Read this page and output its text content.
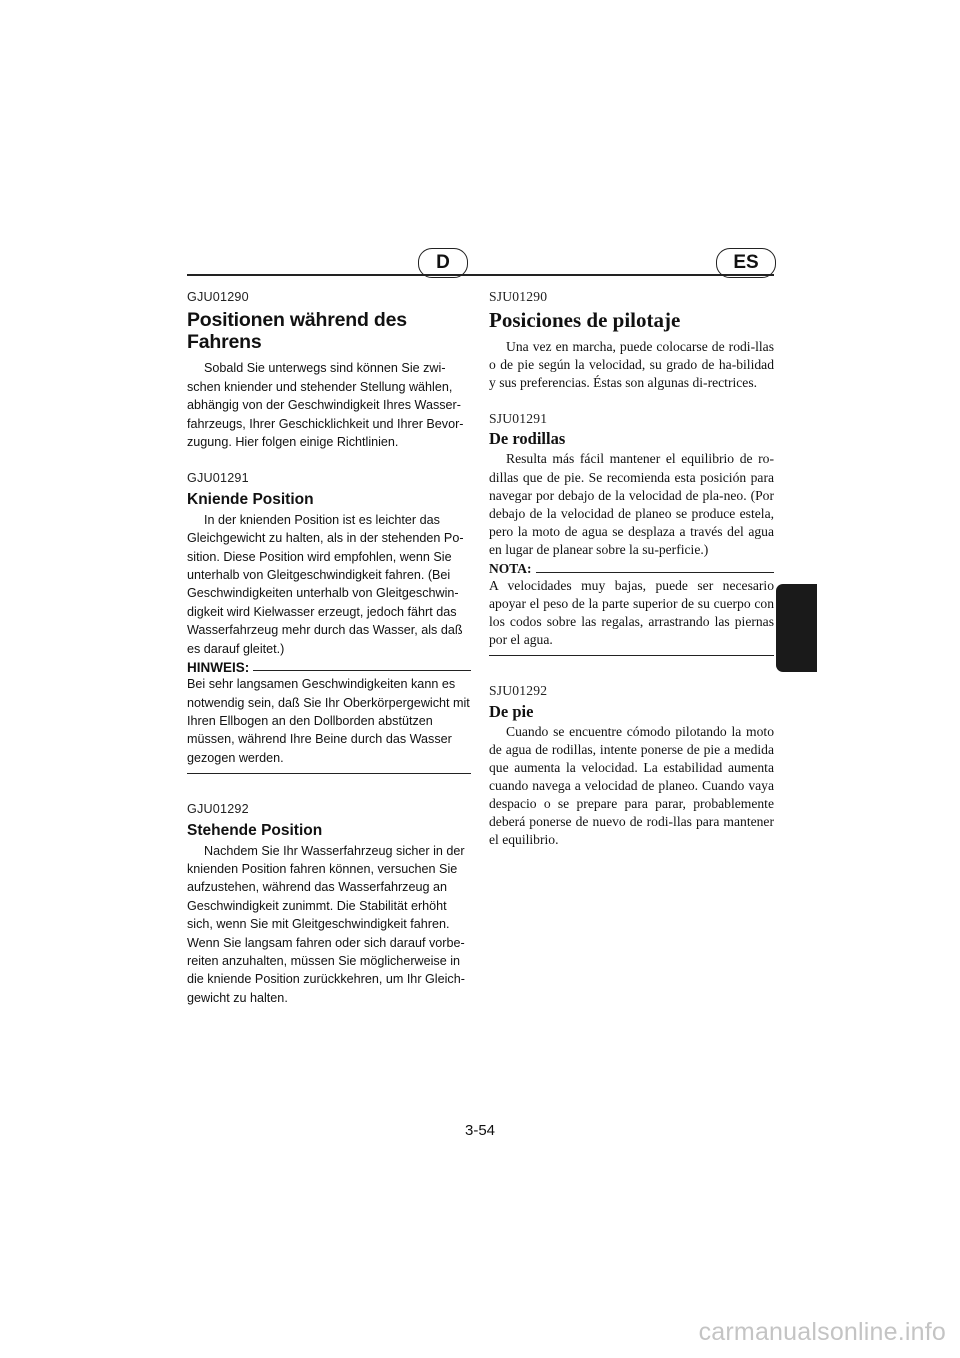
D	ES

GJU01290

Positionen während des Fahrens

Sobald Sie unterwegs sind können Sie zwi-schen kniender und stehender Stellung wählen, abhängig von der Geschwindigkeit Ihres Wasser-fahrzeugs, Ihrer Geschicklichkeit und Ihrer Bevor-zugung. Hier folgen einige Richtlinien.

GJU01291

Kniende Position

In der knienden Position ist es leichter das Gleichgewicht zu halten, als in der stehenden Po-sition. Diese Position wird empfohlen, wenn Sie unterhalb von Gleitgeschwindigkeit fahren. (Bei Geschwindigkeiten unterhalb von Gleitgeschwin-digkeit wird Kielwasser erzeugt, jedoch fährt das Wasserfahrzeug mehr durch das Wasser, als daß es darauf gleitet.)

HINWEIS:

Bei sehr langsamen Geschwindigkeiten kann es notwendig sein, daß Sie Ihr Oberkörpergewicht mit Ihren Ellbogen an den Dollborden abstützen müssen, während Ihre Beine durch das Wasser gezogen werden.

GJU01292

Stehende Position

Nachdem Sie Ihr Wasserfahrzeug sicher in der knienden Position fahren können, versuchen Sie aufzustehen, während das Wasserfahrzeug an Geschwindigkeit zunimmt. Die Stabilität erhöht sich, wenn Sie mit Gleitgeschwindigkeit fahren. Wenn Sie langsam fahren oder sich darauf vorbe-reiten anzuhalten, müssen Sie möglicherweise in die kniende Position zurückkehren, um Ihr Gleich-gewicht zu halten.

SJU01290

Posiciones de pilotaje

Una vez en marcha, puede colocarse de rodi-llas o de pie según la velocidad, su grado de ha-bilidad y sus preferencias. Éstas son algunas di-rectrices.

SJU01291

De rodillas

Resulta más fácil mantener el equilibrio de ro-dillas que de pie. Se recomienda esta posición para navegar por debajo de la velocidad de pla-neo. (Por debajo de la velocidad de planeo se produce estela, pero la moto de agua se desplaza a través del agua en lugar de planear sobre la su-perficie.)

NOTA:

A velocidades muy bajas, puede ser necesario apoyar el peso de la parte superior de su cuerpo con los codos sobre las regalas, arrastrando las piernas por el agua.

SJU01292

De pie

Cuando se encuentre cómodo pilotando la moto de agua de rodillas, intente ponerse de pie a medida que aumenta la velocidad. La estabilidad aumenta cuando navega a velocidad de planeo. Cuando vaya despacio o se prepare para parar, probablemente deberá ponerse de nuevo de rodi-llas para mantener el equilibrio.

3-54
carmanualsonline.info
